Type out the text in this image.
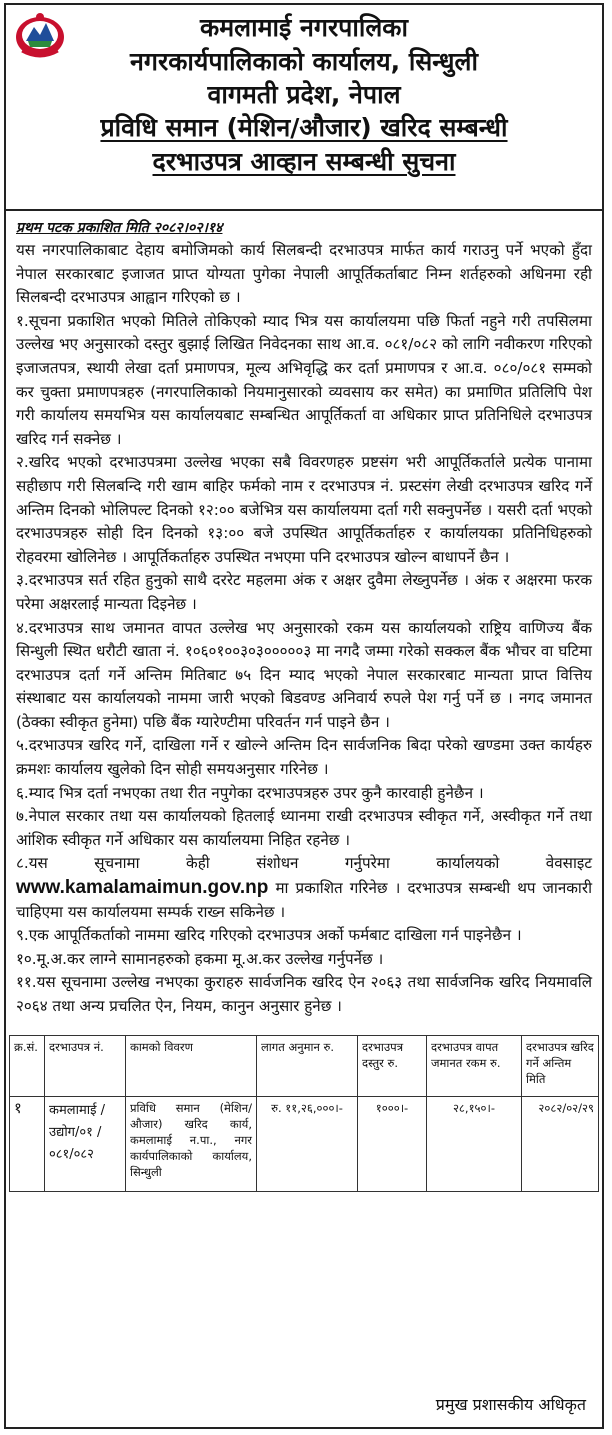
कमलामाई नगरपालिका
नगरकार्यपालिकाको कार्यालय, सिन्धुली
वागमती प्रदेश, नेपाल
प्रविधि समान (मेशिन/औजार) खरिद सम्बन्धी
दरभाउपत्र आव्हान सम्बन्धी सुचना
प्रथम पटक प्रकाशित मिति २०८२।०२।१४

यस नगरपालिकाबाट देहाय बमोजिमको कार्य सिलबन्दी दरभाउपत्र मार्फत कार्य गराउनु पर्ने भएको हुँदा नेपाल सरकारबाट इजाजत प्राप्त योग्यता पुगेका नेपाली आपूर्तिकर्ताबाट निम्न शर्तहरुको अधिनमा रही सिलबन्दी दरभाउपत्र आह्वान गरिएको छ ।

१.सूचना प्रकाशित भएको मितिले तोकिएको म्याद भित्र यस कार्यालयमा पछि फिर्ता नहुने गरी तपसिलमा उल्लेख भए अनुसारको दस्तुर बुझाई लिखित निवेदनका साथ आ.व. ०८१/०८२ को लागि नवीकरण गरिएको इजाजतपत्र, स्थायी लेखा दर्ता प्रमाणपत्र, मूल्य अभिवृद्धि कर दर्ता प्रमाणपत्र र आ.व. ०८०/०८१ सम्मको कर चुक्ता प्रमाणपत्रहरु (नगरपालिकाको नियमानुसारको व्यवसाय कर समेत) का प्रमाणित प्रतिलिपि पेश गरी कार्यालय समयभित्र यस कार्यालयबाट सम्बन्धित आपूर्तिकर्ता वा अधिकार प्राप्त प्रतिनिधिले दरभाउपत्र खरिद गर्न सक्नेछ ।

२.खरिद भएको दरभाउपत्रमा उल्लेख भएका सबै विवरणहरु प्रष्टसंग भरी आपूर्तिकर्ताले प्रत्येक पानामा सहीछाप गरी सिलबन्दि गरी खाम बाहिर फर्मको नाम र दरभाउपत्र नं. प्रस्टसंग लेखी दरभाउपत्र खरिद गर्ने अन्तिम दिनको भोलिपल्ट दिनको १२:०० बजेभित्र यस कार्यालयमा दर्ता गरी सक्नुपर्नेछ । यसरी दर्ता भएको दरभाउपत्रहरु सोही दिन दिनको १३:०० बजे उपस्थित आपूर्तिकर्ताहरु र कार्यालयका प्रतिनिधिहरुको रोहवरमा खोलिनेछ । आपूर्तिकर्ताहरु उपस्थित नभएमा पनि दरभाउपत्र खोल्न बाधापर्ने छैन ।

३.दरभाउपत्र सर्त रहित हुनुको साथै दररेट महलमा अंक र अक्षर दुवैमा लेख्नुपर्नेछ । अंक र अक्षरमा फरक परेमा अक्षरलाई मान्यता दिइनेछ ।

४.दरभाउपत्र साथ जमानत वापत उल्लेख भए अनुसारको रकम यस कार्यालयको राष्ट्रिय वाणिज्य बैंक सिन्धुली स्थित धरौटी खाता नं. १०६०१००३०३०००००३ मा नगदै जम्मा गरेको सक्कल बैंक भौचर वा घटिमा दरभाउपत्र दर्ता गर्ने अन्तिम मितिबाट ७५ दिन म्याद भएको नेपाल सरकारबाट मान्यता प्राप्त वित्तिय संस्थाबाट यस कार्यालयको नाममा जारी भएको बिडवण्ड अनिवार्य रुपले पेश गर्नु पर्ने छ । नगद जमानत (ठेक्का स्वीकृत हुनेमा) पछि बैंक ग्यारेण्टीमा परिवर्तन गर्न पाइने छैन ।

५.दरभाउपत्र खरिद गर्ने, दाखिला गर्ने र खोल्ने अन्तिम दिन सार्वजनिक बिदा परेको खण्डमा उक्त कार्यहरु क्रमशः कार्यालय खुलेको दिन सोही समयअनुसार गरिनेछ ।

६.म्याद भित्र दर्ता नभएका तथा रीत नपुगेका दरभाउपत्रहरु उपर कुनै कारवाही हुनेछैन ।

७.नेपाल सरकार तथा यस कार्यालयको हितलाई ध्यानमा राखी दरभाउपत्र स्वीकृत गर्ने, अस्वीकृत गर्ने तथा आंशिक स्वीकृत गर्ने अधिकार यस कार्यालयमा निहित रहनेछ ।

८.यस सूचनामा केही संशोधन गर्नुपरेमा कार्यालयको वेवसाइट www.kamalamaimun.gov.np मा प्रकाशित गरिनेछ । दरभाउपत्र सम्बन्धी थप जानकारी चाहिएमा यस कार्यालयमा सम्पर्क राख्न सकिनेछ ।

९.एक आपूर्तिकर्ताको नाममा खरिद गरिएको दरभाउपत्र अर्को फर्मबाट दाखिला गर्न पाइनेछैन ।

१०.मू.अ.कर लाग्ने सामानहरुको हकमा मू.अ.कर उल्लेख गर्नुपर्नेछ ।

११.यस सूचनामा उल्लेख नभएका कुराहरु सार्वजनिक खरिद ऐन २०६३ तथा सार्वजनिक खरिद नियमावलि २०६४ तथा अन्य प्रचलित ऐन, नियम, कानुन अनुसार हुनेछ ।

क्र.सं.	दरभाउपत्र नं.	कामको विवरण	लागत अनुमान रु.	दरभाउपत्र दस्तुर रु.	दरभाउपत्र वापत जमानत रकम रु.	दरभाउपत्र खरिद गर्ने अन्तिम मिति
१	कमलामाई /उद्योग/०१ /०८१/०८२	प्रविधि समान (मेशिन/औजार) खरिद कार्य, कमलामाई न.पा., नगर कार्यपालिकाको कार्यालय, सिन्धुली	रु. ११,२६,०००।-	१०००।-	२८,१५०।-	२०८२/०२/२९
प्रमुख प्रशासकीय अधिकृत
